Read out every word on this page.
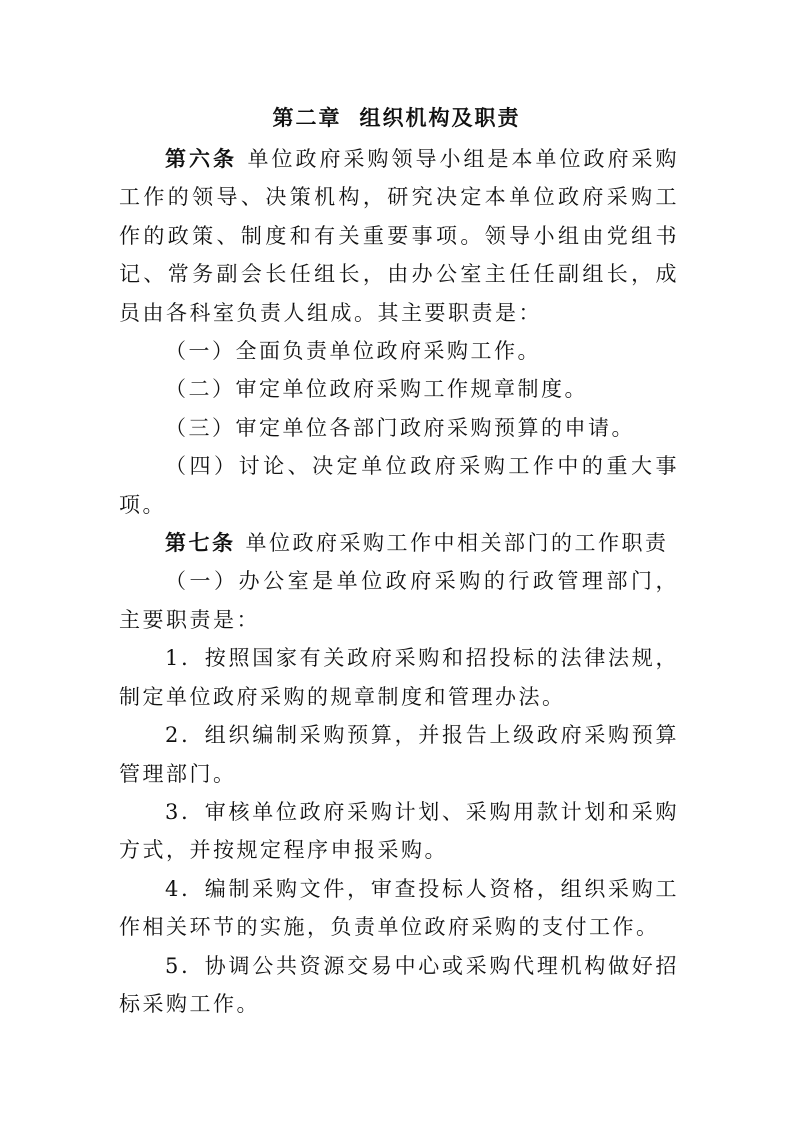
第二章 组织机构及职责

第六条 单位政府采购领导小组是本单位政府采购工作的领导、决策机构，研究决定本单位政府采购工作的政策、制度和有关重要事项。领导小组由党组书记、常务副会长任组长，由办公室主任任副组长，成员由各科室负责人组成。其主要职责是：

（一）全面负责单位政府采购工作。

（二）审定单位政府采购工作规章制度。

（三）审定单位各部门政府采购预算的申请。

（四）讨论、决定单位政府采购工作中的重大事项。

第七条 单位政府采购工作中相关部门的工作职责

（一）办公室是单位政府采购的行政管理部门，主要职责是：

1．按照国家有关政府采购和招投标的法律法规，制定单位政府采购的规章制度和管理办法。

2．组织编制采购预算，并报告上级政府采购预算管理部门。

3．审核单位政府采购计划、采购用款计划和采购方式，并按规定程序申报采购。

4．编制采购文件，审查投标人资格，组织采购工作相关环节的实施，负责单位政府采购的支付工作。

5．协调公共资源交易中心或采购代理机构做好招标采购工作。
